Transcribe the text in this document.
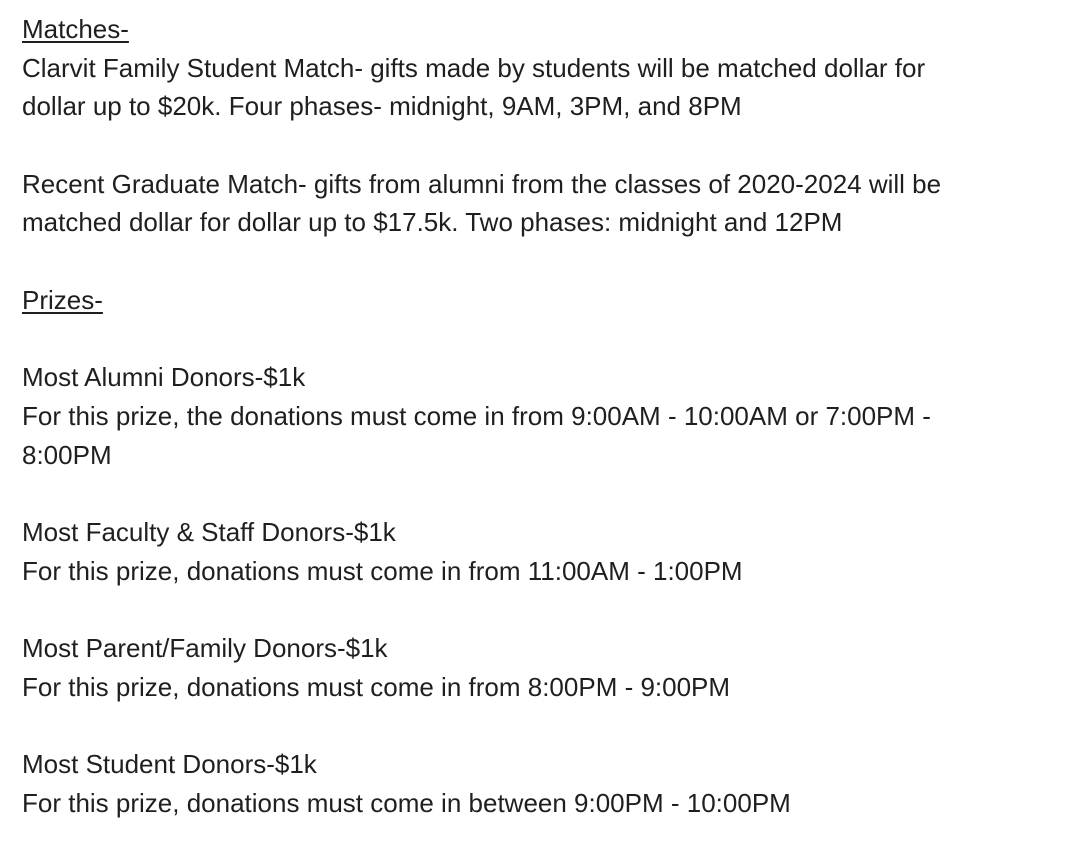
Matches-
Clarvit Family Student Match- gifts made by students will be matched dollar for
dollar up to $20k. Four phases- midnight, 9AM, 3PM, and 8PM
Recent Graduate Match- gifts from alumni from the classes of 2020-2024 will be
matched dollar for dollar up to $17.5k. Two phases: midnight and 12PM
Prizes-
Most Alumni Donors-$1k
For this prize, the donations must come in from 9:00AM - 10:00AM or 7:00PM -
8:00PM
Most Faculty & Staff Donors-$1k
For this prize, donations must come in from 11:00AM - 1:00PM
Most Parent/Family Donors-$1k
For this prize, donations must come in from 8:00PM - 9:00PM
Most Student Donors-$1k
For this prize, donations must come in between 9:00PM - 10:00PM
